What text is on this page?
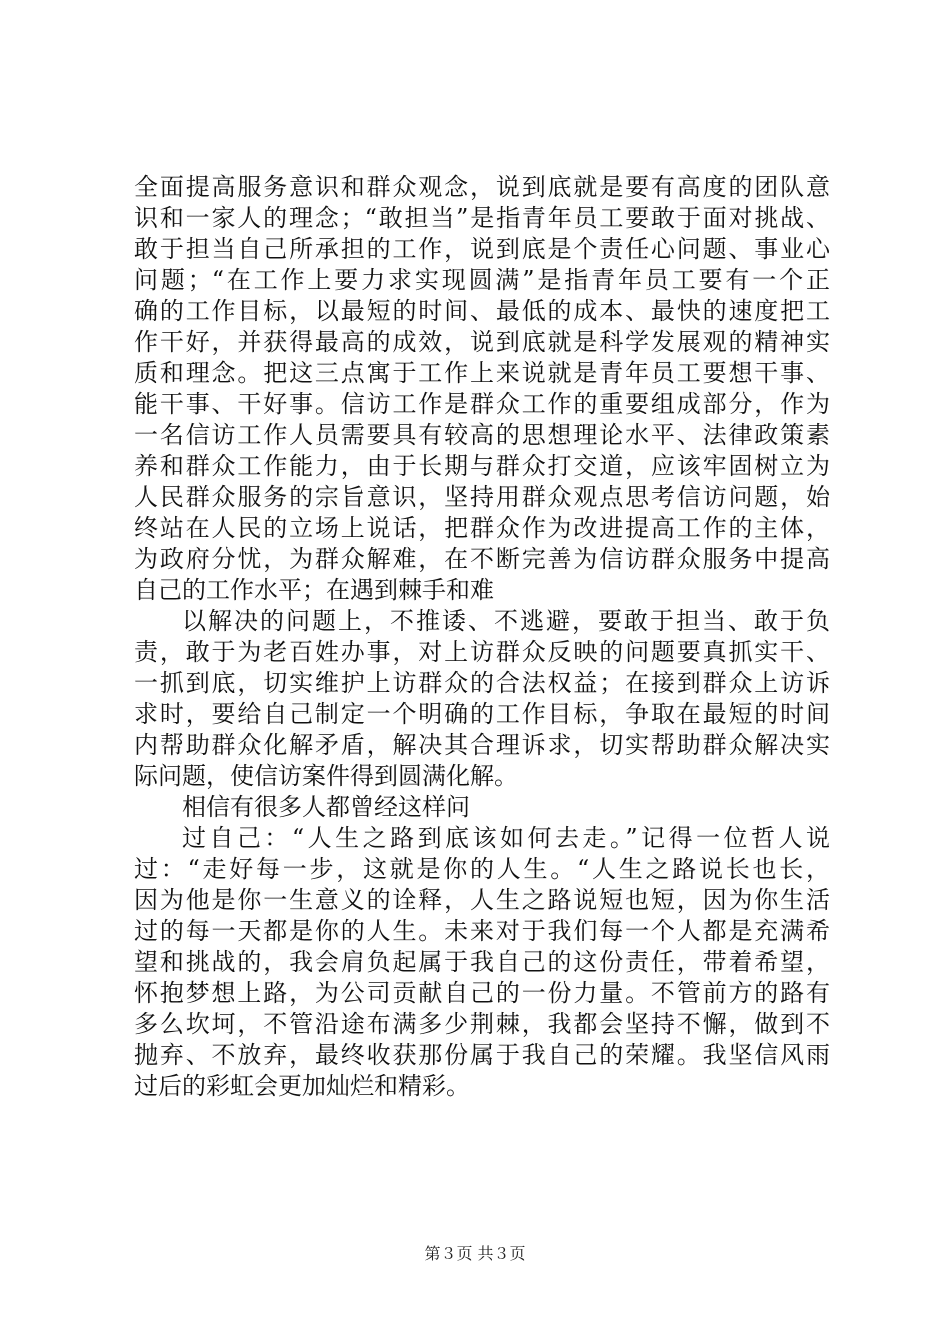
全面提高服务意识和群众观念，说到底就是要有高度的团队意
识和一家人的理念；“敢担当”是指青年员工要敢于面对挑战、
敢于担当自己所承担的工作，说到底是个责任心问题、事业心
问题；“在工作上要力求实现圆满”是指青年员工要有一个正
确的工作目标，以最短的时间、最低的成本、最快的速度把工
作干好，并获得最高的成效，说到底就是科学发展观的精神实
质和理念。把这三点寓于工作上来说就是青年员工要想干事、
能干事、干好事。信访工作是群众工作的重要组成部分，作为
一名信访工作人员需要具有较高的思想理论水平、法律政策素
养和群众工作能力，由于长期与群众打交道，应该牢固树立为
人民群众服务的宗旨意识，坚持用群众观点思考信访问题，始
终站在人民的立场上说话，把群众作为改进提高工作的主体，
为政府分忧，为群众解难，在不断完善为信访群众服务中提高
自己的工作水平；在遇到棘手和难
以解决的问题上，不推诿、不逃避，要敢于担当、敢于负
责，敢于为老百姓办事，对上访群众反映的问题要真抓实干、
一抓到底，切实维护上访群众的合法权益；在接到群众上访诉
求时，要给自己制定一个明确的工作目标，争取在最短的时间
内帮助群众化解矛盾，解决其合理诉求，切实帮助群众解决实
际问题，使信访案件得到圆满化解。
相信有很多人都曾经这样问
过自己：“人生之路到底该如何去走。”记得一位哲人说
过：“走好每一步，这就是你的人生。“人生之路说长也长，
因为他是你一生意义的诠释，人生之路说短也短，因为你生活
过的每一天都是你的人生。未来对于我们每一个人都是充满希
望和挑战的，我会肩负起属于我自己的这份责任，带着希望，
怀抱梦想上路，为公司贡献自己的一份力量。不管前方的路有
多么坎坷，不管沿途布满多少荆棘，我都会坚持不懈，做到不
抛弃、不放弃，最终收获那份属于我自己的荣耀。我坚信风雨
过后的彩虹会更加灿烂和精彩。
第３页 共３页
